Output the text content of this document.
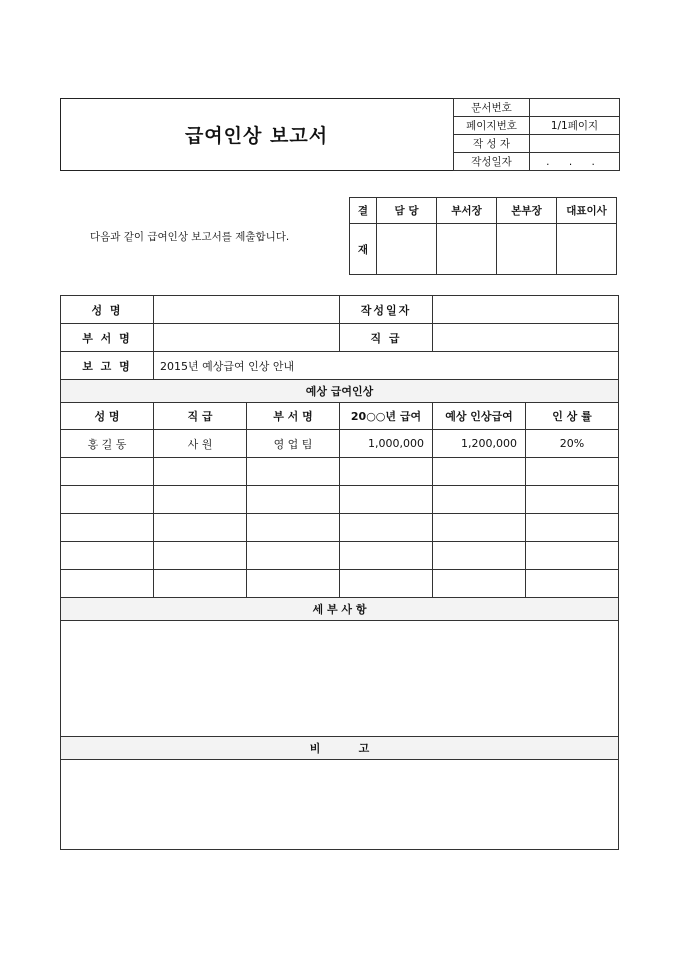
급여인상 보고서
문서번호	
페이지번호	1/1페이지
작 성 자	
작성일자	. . .
다음과 같이 급여인상 보고서를 제출합니다.
결	담 당	부서장	본부장	대표이사
재				
성 명			작성일자		
부 서 명			직 급		
보 고 명	2015년 예상급여 인상 안내				
예상 급여인상					
성 명	직 급	부 서 명	20○○년 급여	예상 인상급여	인 상 률
홍 길 동	사 원	영 업 팀	1,000,000	1,200,000	20%

세 부 사 항					

비          고					
